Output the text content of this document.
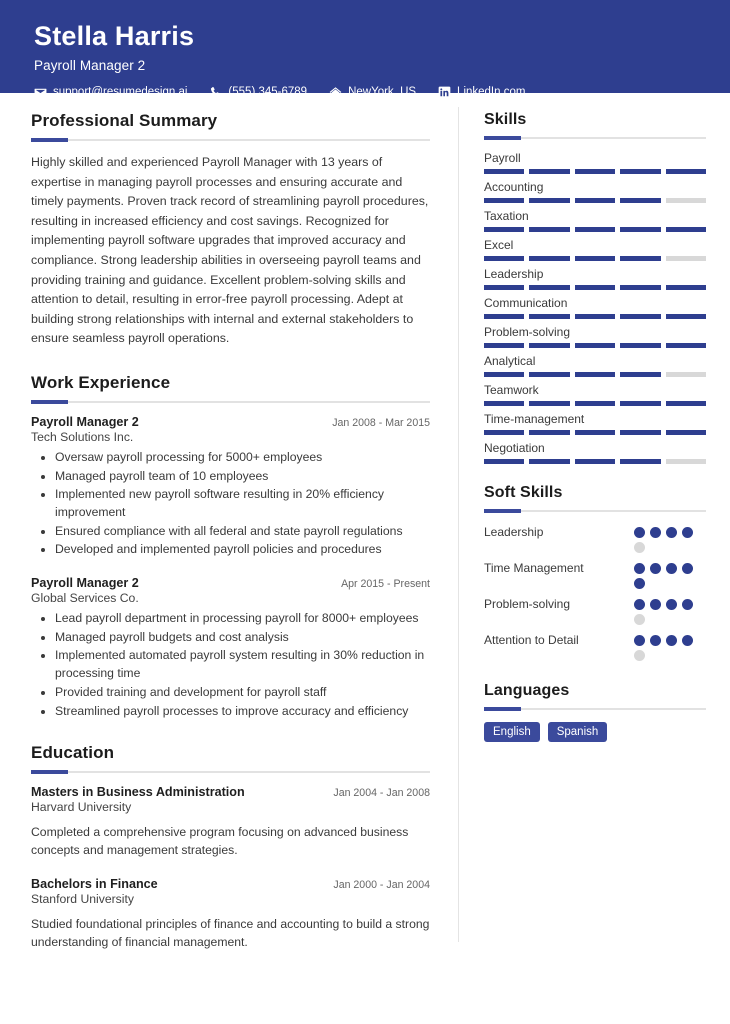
Stella Harris
Payroll Manager 2
support@resumedesign.ai	(555) 345-6789	NewYork, US	LinkedIn.com
Professional Summary

Highly skilled and experienced Payroll Manager with 13 years of expertise in managing payroll processes and ensuring accurate and timely payments. Proven track record of streamlining payroll procedures, resulting in increased efficiency and cost savings. Recognized for implementing payroll software upgrades that improved accuracy and compliance. Strong leadership abilities in overseeing payroll teams and providing training and guidance. Excellent problem-solving skills and attention to detail, resulting in error-free payroll processing. Adept at building strong relationships with internal and external stakeholders to ensure seamless payroll operations.

Work Experience
Payroll Manager 2	Jan 2008 - Mar 2015
Tech Solutions Inc.
• Oversaw payroll processing for 5000+ employees
• Managed payroll team of 10 employees
• Implemented new payroll software resulting in 20% efficiency improvement
• Ensured compliance with all federal and state payroll regulations
• Developed and implemented payroll policies and procedures
Payroll Manager 2	Apr 2015 - Present
Global Services Co.
• Lead payroll department in processing payroll for 8000+ employees
• Managed payroll budgets and cost analysis
• Implemented automated payroll system resulting in 30% reduction in processing time
• Provided training and development for payroll staff
• Streamlined payroll processes to improve accuracy and efficiency
Education
Masters in Business Administration	Jan 2004 - Jan 2008
Harvard University

Completed a comprehensive program focusing on advanced business concepts and management strategies.

Bachelors in Finance	Jan 2000 - Jan 2004
Stanford University

Studied foundational principles of finance and accounting to build a strong understanding of financial management.

Skills
Payroll
Accounting
Taxation
Excel
Leadership
Communication
Problem-solving
Analytical
Teamwork
Time-management
Negotiation
Soft Skills
Leadership
Time Management
Problem-solving
Attention to Detail
Languages
English	Spanish
